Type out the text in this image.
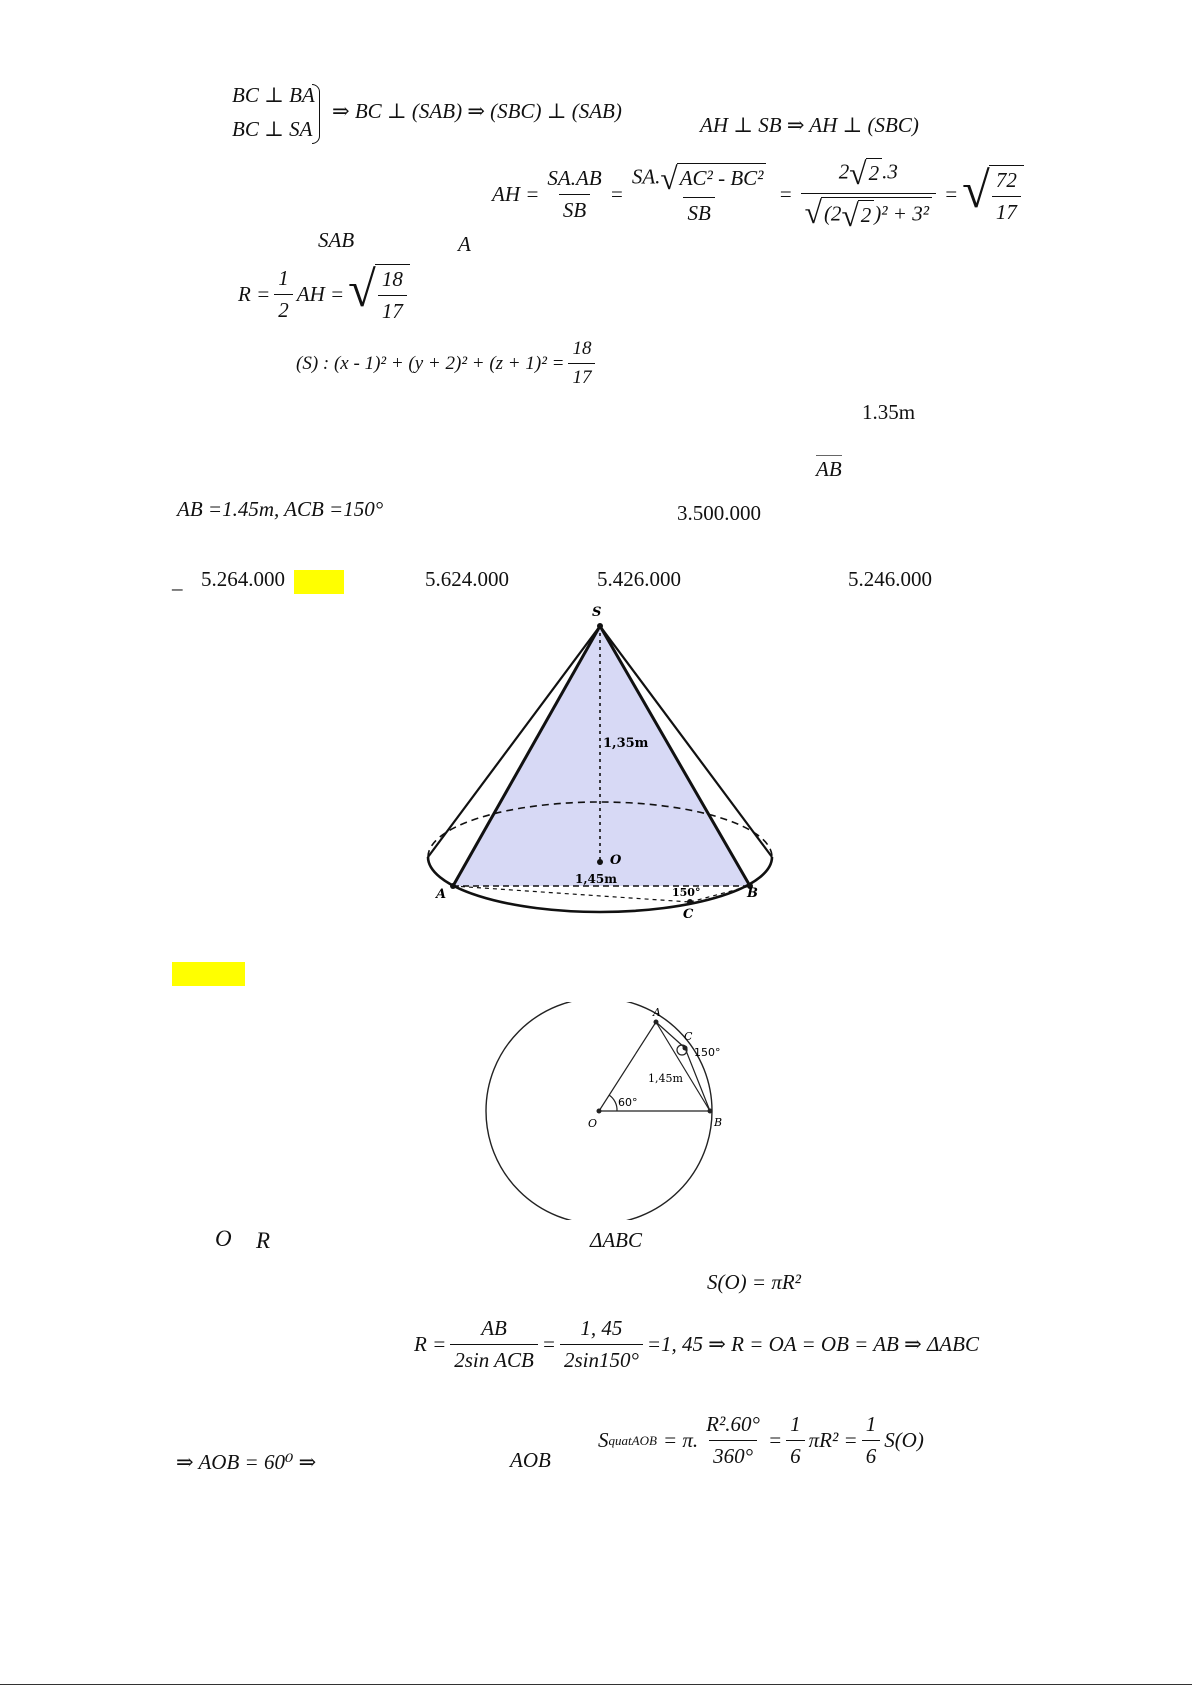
BC ⊥ BA
BC ⊥ SA
⇒ BC ⊥ (SAB) ⇒ (SBC) ⊥ (SAB)
AH ⊥ SB ⇒ AH ⊥ (SBC)
AH = $\frac{SA.AB}{SB} = \frac{\text{SA. √ AC² - BC²}}{SB} = \frac{2 √ 2 .3}{\text{√ (2 √ 2 )² + 3²}}$ = √ $\frac{72}{17}$
SAB	A
$R = \frac{1}{2}$ AH = √ $\frac{18}{17}$
(S) : $(x - 1)^2 + (y + 2)^2 + (z + 1)^2 = \frac{18}{17}$
1.35m
AB
AB =1.45m, ACB =150°	3.500.000
_ 5.264.000	5.624.000	5.426.000	5.246.000
S
1,35m
O
1,45m
150°
A	B
C
A
B
C
O
150°
60°
1,45m
O R	ΔABC
S(O) = πR²
$R = \frac{AB}{\text{2sin ACB}} = \frac{1, 45}{2\sin 150^\circ} =1$, 45 ⇒ R = OA = OB = AB ⇒ ΔABC
⇒ AOB = 60⁰ ⇒	AOB
S quatAOB = π. $\frac{\text{R².60°}}{360^\circ} = \frac{1}{6} \pi R^2 = \frac{1}{6} S(O)$
